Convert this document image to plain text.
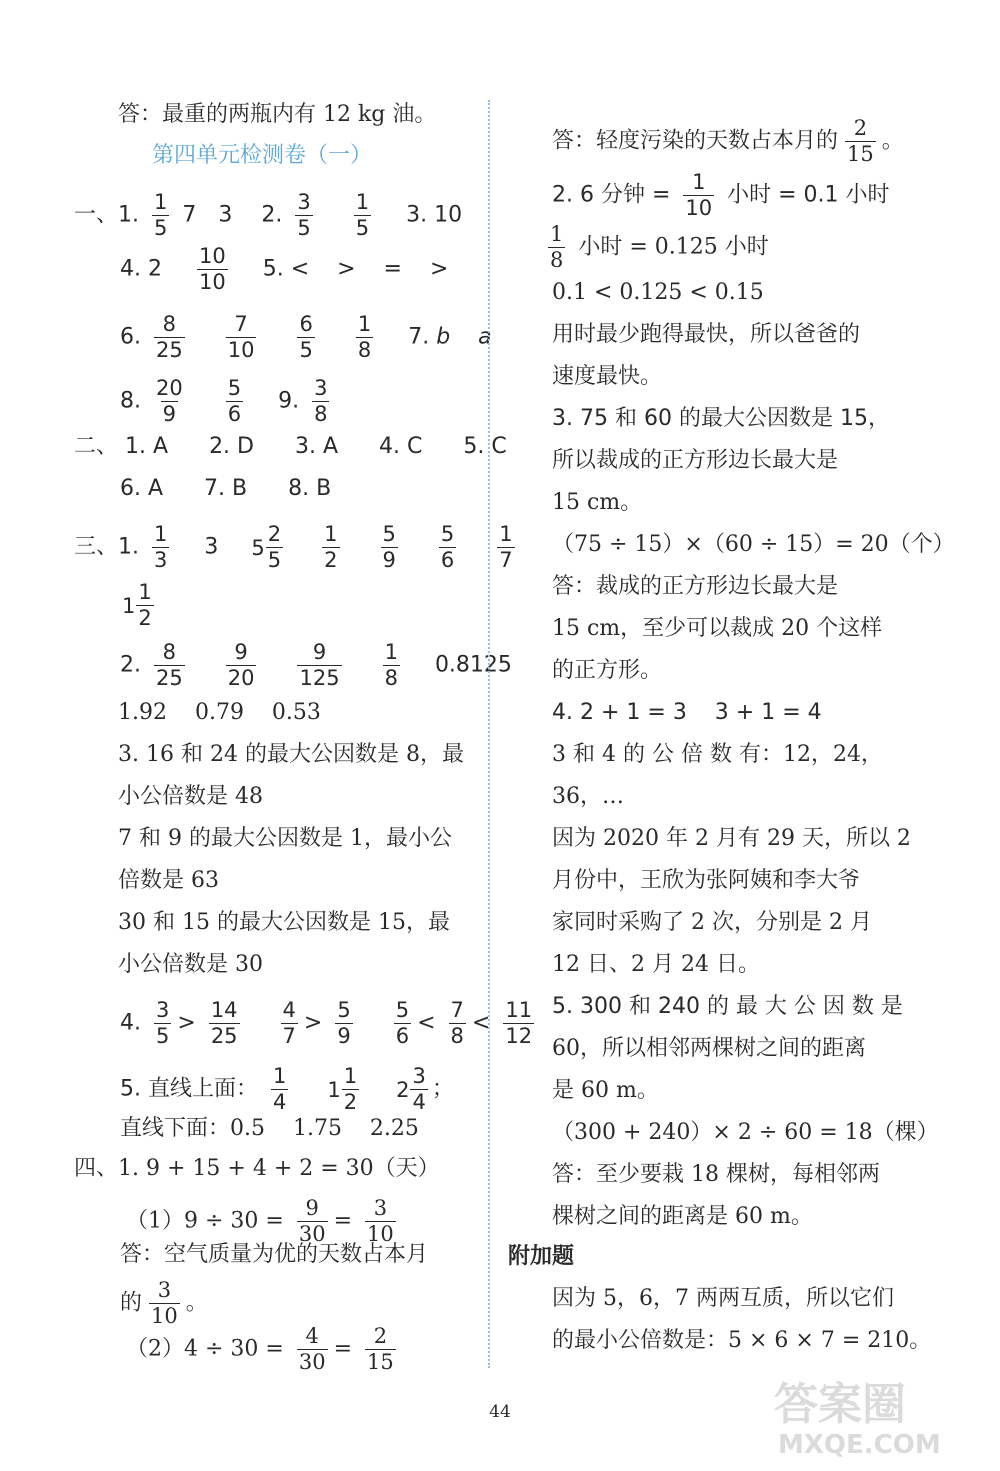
答：最重的两瓶内有 12 kg 油。
第四单元检测卷（一）
一、1. $\frac{1}{5} 7$ 3 2. $\frac{3}{5}$
$\frac{1}{5} 3$. 10
4. $2 \frac{10}{10} 5$. <    >    =    >
6. $\frac{8}{25}$
$\frac{7}{10}$
$\frac{6}{5}$
$\frac{1}{8} 7$. b    a
8. $\frac{20}{9}$
$\frac{5}{6} 9$. $\frac{3}{8}$
二、 1. A 2. D 3. A 4. C 5. C
6. A 7. B 8. B
三、1. $\frac{1}{3} 3$ $5 \frac{2}{5}$
$\frac{1}{2}$
$\frac{5}{9}$
$\frac{5}{6}$
$\frac{1}{7}$
$1 \frac{1}{2}$
2. $\frac{8}{25}$
$\frac{9}{20}$
$\frac{9}{125}$
$\frac{1}{8} 0.8125$
1.92    0.79    0.53
3. 16 和 24 的最大公因数是 8，最
小公倍数是 48
7 和 9 的最大公因数是 1，最小公
倍数是 63
30 和 15 的最大公因数是 15，最
小公倍数是 30
4. $\frac{3}{5} > \frac{14}{25}$
$\frac{4}{7} > \frac{5}{9}$
$\frac{5}{6} < \frac{7}{8} < \frac{11}{12}$
5. 直线上面： $\frac{1}{4}$
$1 \frac{1}{2}$
$2 \frac{3}{4}$ ；
直线下面：0.5    1.75    2.25
四、1. 9 + 15 + 4 + 2 = 30（天）
$(1)9 \div 30 = \frac{9}{30} = \frac{3}{10}$
答：空气质量为优的天数占本月
的 $\frac{3}{10}$ 。
$(2)4 \div 30 = \frac{4}{30} = \frac{2}{15}$
答：轻度污染的天数占本月的 $\frac{2}{15}$ 。
2. 6 分钟 = $\frac{1}{10}$ 小时 = 0.1 小时
$\frac{1}{8}$ 小时 = 0.125 小时
0.1 < 0.125 < 0.15
用时最少跑得最快，所以爸爸的
速度最快。
3. 75 和 60 的最大公因数是 15，
所以裁成的正方形边长最大是
15 cm。
（75 ÷ 15）×（60 ÷ 15）= 20（个）
答：裁成的正方形边长最大是
15 cm，至少可以裁成 20 个这样
的正方形。
4. 2 + 1 = 3    3 + 1 = 4
3 和 4 的 公 倍 数 有：12，24，
36，…
因为 2020 年 2 月有 29 天，所以 2
月份中，王欣为张阿姨和李大爷
家同时采购了 2 次，分别是 2 月
12 日、2 月 24 日。
5. 300 和 240 的 最 大 公 因 数 是
60，所以相邻两棵树之间的距离
是 60 m。
（300 + 240）× 2 ÷ 60 = 18（棵）
答：至少要栽 18 棵树，每相邻两
棵树之间的距离是 60 m。
附加题
因为 5，6，7 两两互质，所以它们
的最小公倍数是：5 × 6 × 7 = 210。
44	答案圈
MXQE.COM
